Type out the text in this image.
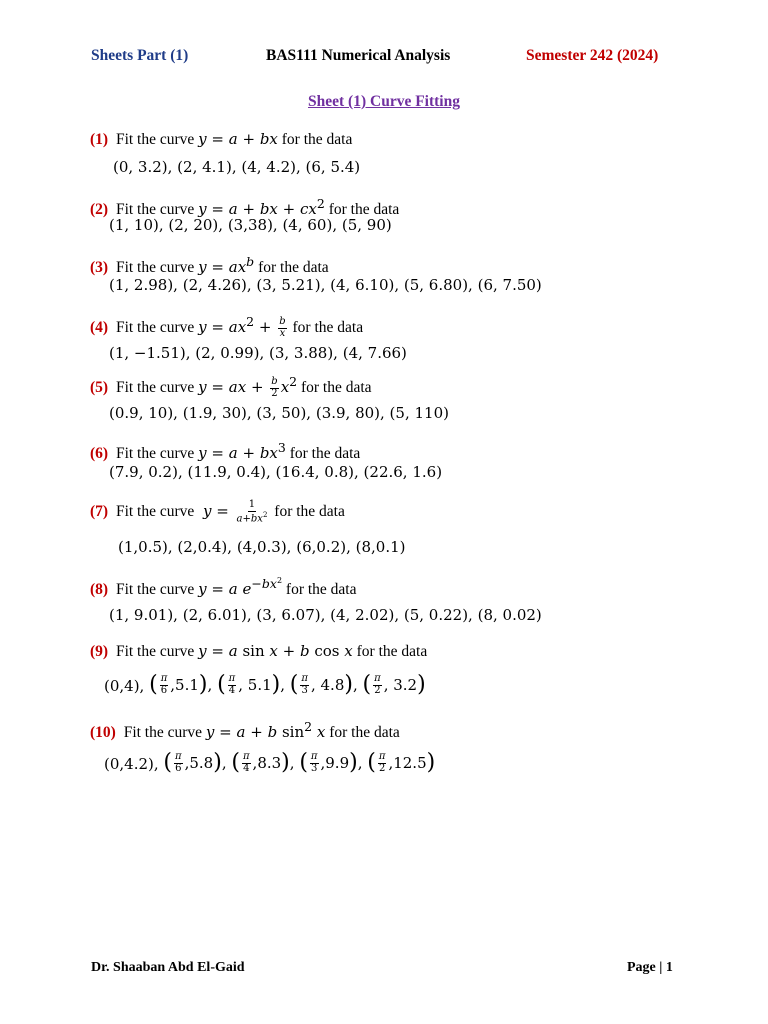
Sheets Part (1)	BAS111 Numerical Analysis	Semester 242 (2024)
Sheet (1) Curve Fitting
(1) Fit the curve y = a + bx for the data
(0, 3.2), (2, 4.1), (4, 4.2), (6, 5.4)
(2) Fit the curve y = a + bx + $cx^2$ for the data
(1, 10), (2, 20), (3,38), (4, 60), (5, 90)
(3) Fit the curve $y = ax^b$ for the data
(1, 2.98), (2, 4.26), (3, 5.21), (4, 6.10), (5, 6.80), (6, 7.50)
(4) Fit the curve $y = ax^2 + \frac{b}{x}$ for the data
(1, −1.51), (2, 0.99), (3, 3.88), (4, 7.66)
(5) Fit the curve y = ax + $\frac{b}{2} x^2$ for the data
(0.9, 10), (1.9, 30), (3, 50), (3.9, 80), (5, 110)
(6) Fit the curve $y = a + bx^3$ for the data
(7.9, 0.2), (11.9, 0.4), (16.4, 0.8), (22.6, 1.6)
(7) Fit the curve $y = \frac{1}{a+bx^2}$ for the data
(1,0.5), (2,0.4), (4,0.3), (6,0.2), (8,0.1)
(8) Fit the curve y = a $e^{-bx^2}$ for the data
(1, 9.01), (2, 6.01), (3, 6.07), (4, 2.02), (5, 0.22), (8, 0.02)
(9) Fit the curve y = a sin x + b cos x for the data
(0,4), ( $\frac{\pi}{6} ,5.1$ ) , ( $\frac{\pi}{4}$ , 5.1 ) , ( $\frac{\pi}{3}$ , 4.8 ) , ( $\frac{\pi}{2}$ , 3.2 )
(10) Fit the curve y = a + b $\sin^2 x$ for the data
(0,4.2), ( $\frac{\pi}{6} ,5.8$ ) , ( $\frac{\pi}{4} ,8.3$ ) , ( $\frac{\pi}{3} ,9.9$ ) , ( $\frac{\pi}{2} ,12.5$ )
Dr. Shaaban Abd El-Gaid	Page | 1
